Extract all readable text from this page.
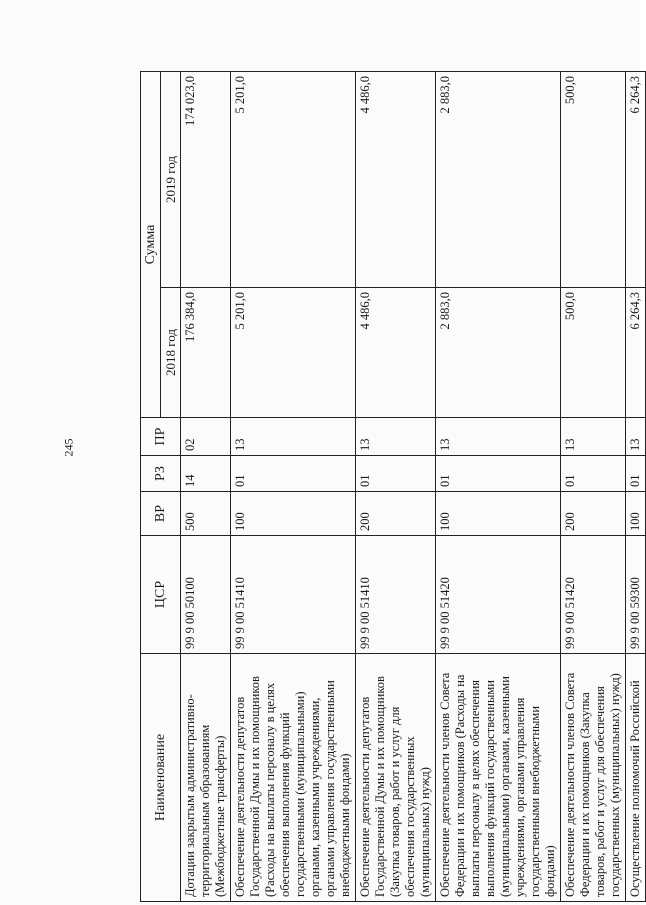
245
Наименование	ЦСР	ВР	РЗ	ПР	Сумма	
					2018 год	2019 год
Дотации закрытым административно-территориальным образованиям (Межбюджетные трансферты)	99 9 00 50100	500	14	02	176 384,0	174 023,0
Обеспечение деятельности депутатов Государственной Думы и их помощников (Расходы на выплаты персоналу в целях обеспечения выполнения функций государственными (муниципальными) органами, казенными учреждениями, органами управления государственными внебюджетными фондами)	99 9 00 51410	100	01	13	5 201,0	5 201,0
Обеспечение деятельности депутатов Государственной Думы и их помощников (Закупка товаров, работ и услуг для обеспечения государственных (муниципальных) нужд)	99 9 00 51410	200	01	13	4 486,0	4 486,0
Обеспечение деятельности членов Совета Федерации и их помощников (Расходы на выплаты персоналу в целях обеспечения выполнения функций государственными (муниципальными) органами, казенными учреждениями, органами управления государственными внебюджетными фондами)	99 9 00 51420	100	01	13	2 883,0	2 883,0
Обеспечение деятельности членов Совета Федерации и их помощников (Закупка товаров, работ и услуг для обеспечения государственных (муниципальных) нужд)	99 9 00 51420	200	01	13	500,0	500,0
Осуществление полномочий Российской	99 9 00 59300	100	01	13	6 264,3	6 264,3
